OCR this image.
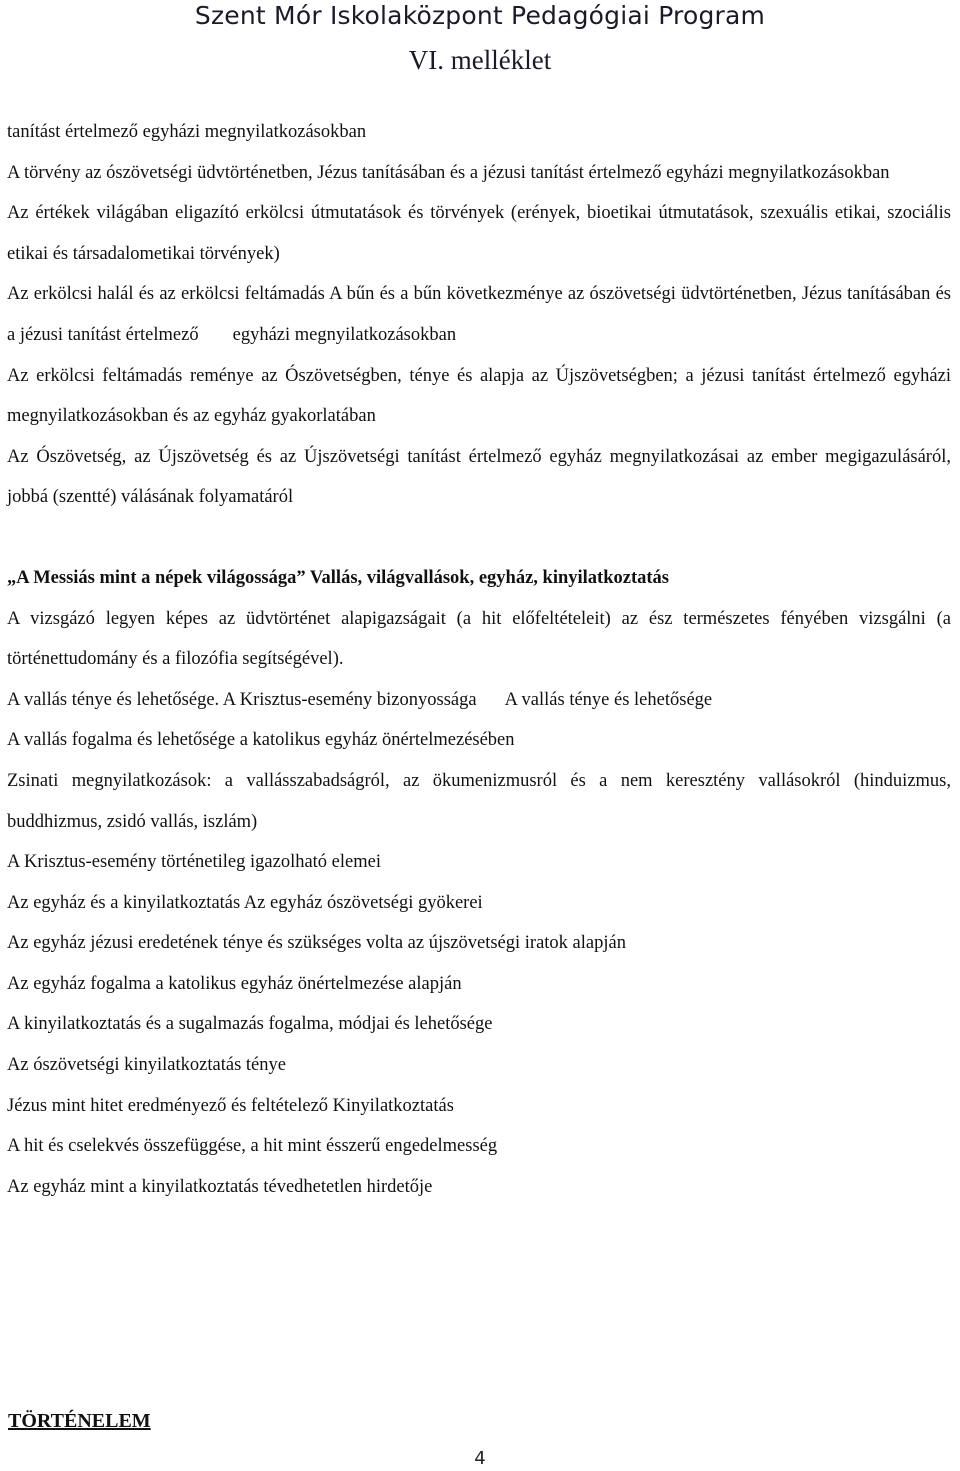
Szent Mór Iskolaközpont Pedagógiai Program
VI. melléklet

tanítást értelmező egyházi megnyilatkozásokban

A törvény az ószövetségi üdvtörténetben, Jézus tanításában és a jézusi tanítást értelmező egyházi megnyilatkozásokban

Az értékek világában eligazító erkölcsi útmutatások és törvények (erények, bioetikai útmutatások, szexuális etikai, szociális etikai és társadalometikai törvények)

Az erkölcsi halál és az erkölcsi feltámadás A bűn és a bűn következménye az ószövetségi üdvtörténetben, Jézus tanításában és a jézusi tanítást értelmező egyházi megnyilatkozásokban

Az erkölcsi feltámadás reménye az Ószövetségben, ténye és alapja az Újszövetségben; a jézusi tanítást értelmező egyházi megnyilatkozásokban és az egyház gyakorlatában

Az Ószövetség, az Újszövetség és az Újszövetségi tanítást értelmező egyház megnyilatkozásai az ember megigazulásáról, jobbá (szentté) válásának folyamatáról

„A Messiás mint a népek világossága” Vallás, világvallások, egyház, kinyilatkoztatás

A vizsgázó legyen képes az üdvtörténet alapigazságait (a hit előfeltételeit) az ész természetes fényében vizsgálni (a történettudomány és a filozófia segítségével).

A vallás ténye és lehetősége. A Krisztus-esemény bizonyossága A vallás ténye és lehetősége

A vallás fogalma és lehetősége a katolikus egyház önértelmezésében

Zsinati megnyilatkozások: a vallásszabadságról, az ökumenizmusról és a nem keresztény vallásokról (hinduizmus, buddhizmus, zsidó vallás, iszlám)

A Krisztus-esemény történetileg igazolható elemei

Az egyház és a kinyilatkoztatás Az egyház ószövetségi gyökerei

Az egyház jézusi eredetének ténye és szükséges volta az újszövetségi iratok alapján

Az egyház fogalma a katolikus egyház önértelmezése alapján

A kinyilatkoztatás és a sugalmazás fogalma, módjai és lehetősége

Az ószövetségi kinyilatkoztatás ténye

Jézus mint hitet eredményező és feltételező Kinyilatkoztatás

A hit és cselekvés összefüggése, a hit mint ésszerű engedelmesség

Az egyház mint a kinyilatkoztatás tévedhetetlen hirdetője

TÖRTÉNELEM
4
